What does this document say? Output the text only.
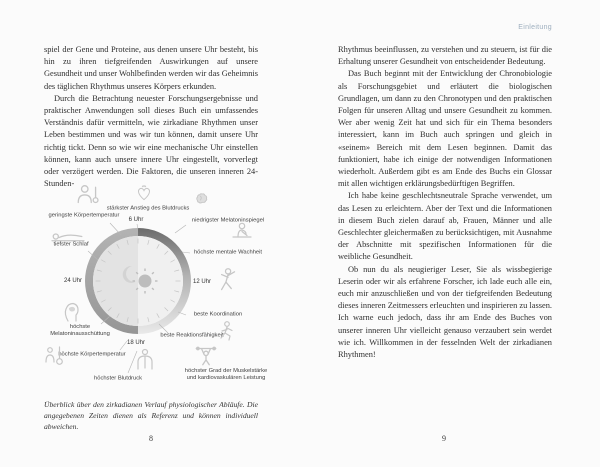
Einleitung

spiel der Gene und Proteine, aus denen unsere Uhr besteht, bis hin zu ihren tiefgreifenden Auswirkungen auf unsere Gesundheit und unser Wohlbefinden werden wir das Geheimnis des täglichen Rhythmus unseres Körpers erkunden.

Durch die Betrachtung neuester Forschungsergebnisse und praktischer Anwendungen soll dieses Buch ein umfassendes Verständnis dafür vermitteln, wie zirkadiane Rhythmen unser Leben bestimmen und was wir tun können, damit unsere Uhr richtig tickt. Denn so wie wir eine mechanische Uhr einstellen können, kann auch unsere innere Uhr eingestellt, vorverlegt oder verzögert werden. Die Faktoren, die unseren inneren 24-Stunden-

Rhythmus beeinflussen, zu verstehen und zu steuern, ist für die Erhaltung unserer Gesundheit von entscheidender Bedeutung.

Das Buch beginnt mit der Entwicklung der Chronobiologie als Forschungsgebiet und erläutert die biologischen Grundlagen, um dann zu den Chronotypen und den praktischen Folgen für unseren Alltag und unsere Gesundheit zu kommen. Wer aber wenig Zeit hat und sich für ein Thema besonders interessiert, kann im Buch auch springen und gleich in «seinem» Bereich mit dem Lesen beginnen. Damit das funktioniert, habe ich einige der notwendigen Informationen wiederholt. Außerdem gibt es am Ende des Buchs ein Glossar mit allen wichtigen erklärungsbedürftigen Begriffen.

Ich habe keine geschlechtsneutrale Sprache verwendet, um das Lesen zu erleichtern. Aber der Text und die Informationen in diesem Buch zielen darauf ab, Frauen, Männer und alle Geschlechter gleichermaßen zu berücksichtigen, mit Ausnahme der Abschnitte mit spezifischen Informationen für die weibliche Gesundheit.

Ob nun du als neugieriger Leser, Sie als wissbegierige Leserin oder wir als erfahrene Forscher, ich lade euch alle ein, euch mir anzuschließen und von der tiefgreifenden Bedeutung dieses inneren Zeitmessers erleuchten und inspirieren zu lassen. Ich warne euch jedoch, dass ihr am Ende des Buches von unserer inneren Uhr vielleicht genauso verzaubert sein werdet wie ich. Willkommen in der fesselnden Welt der zirkadianen Rhythmen!

6 Uhr
12 Uhr
18 Uhr
24 Uhr
geringste Körpertemperatur
stärkster Anstieg des Blutdrucks
niedrigster Melatoninspiegel
tiefster Schlaf
höchste mentale Wachheit
höchste Melatoninausschüttung
höchste Körpertemperatur
höchster Blutdruck
beste Koordination
beste Reaktionsfähigkeit
höchster Grad der Muskelstärke und kardiovaskulären Leistung
Überblick über den zirkadianen Verlauf physiologischer Abläufe. Die angegebenen Zeiten dienen als Referenz und können individuell abweichen.
8	9
